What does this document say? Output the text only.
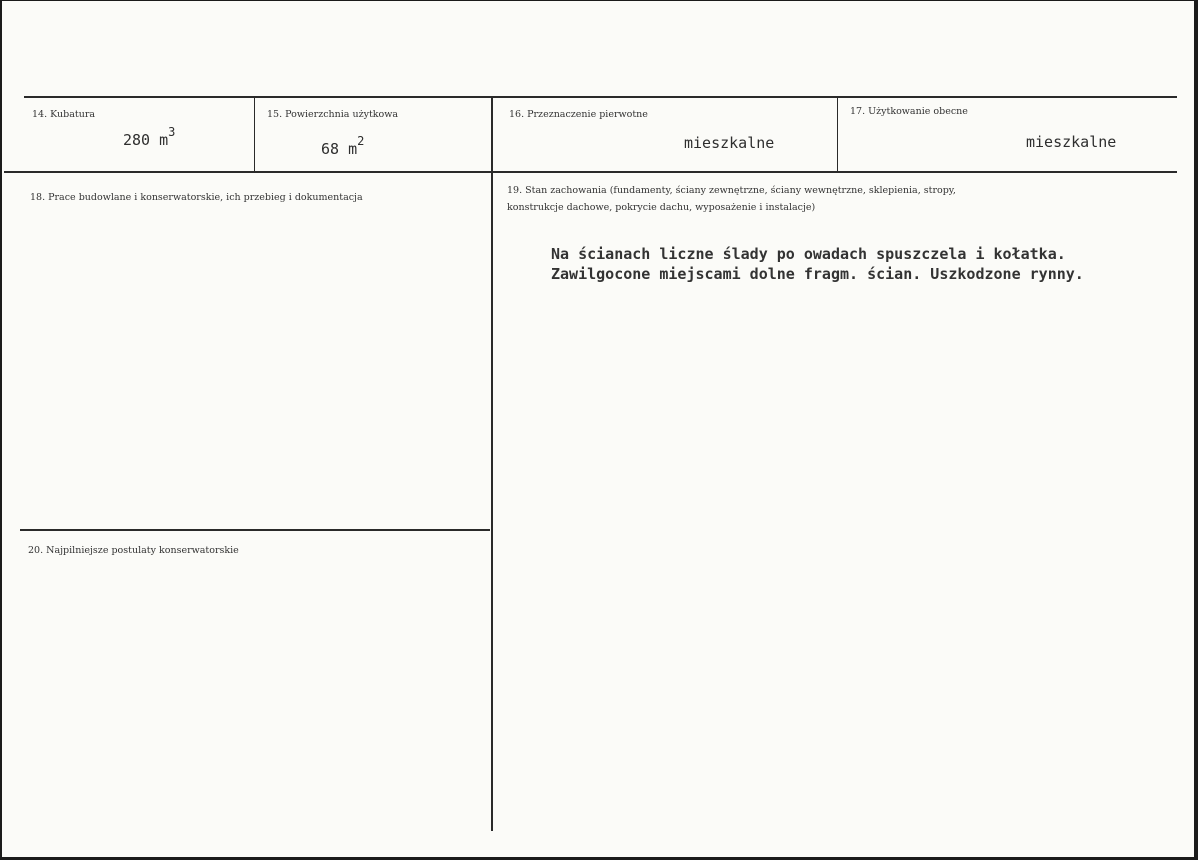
14. Kubatura
280 $m^3$
15. Powierzchnia użytkowa
68 $m^2$
16. Przeznaczenie pierwotne
mieszkalne
17. Użytkowanie obecne
mieszkalne
18. Prace budowlane i konserwatorskie, ich przebieg i dokumentacja
19. Stan zachowania (fundamenty, ściany zewnętrzne, ściany wewnętrzne, sklepienia, stropy,
konstrukcje dachowe, pokrycie dachu, wyposażenie i instalacje)
Na ścianach liczne ślady po owadach spuszczela i kołatka.
Zawilgocone miejscami dolne fragm. ścian. Uszkodzone rynny.
20. Najpilniejsze postulaty konserwatorskie
